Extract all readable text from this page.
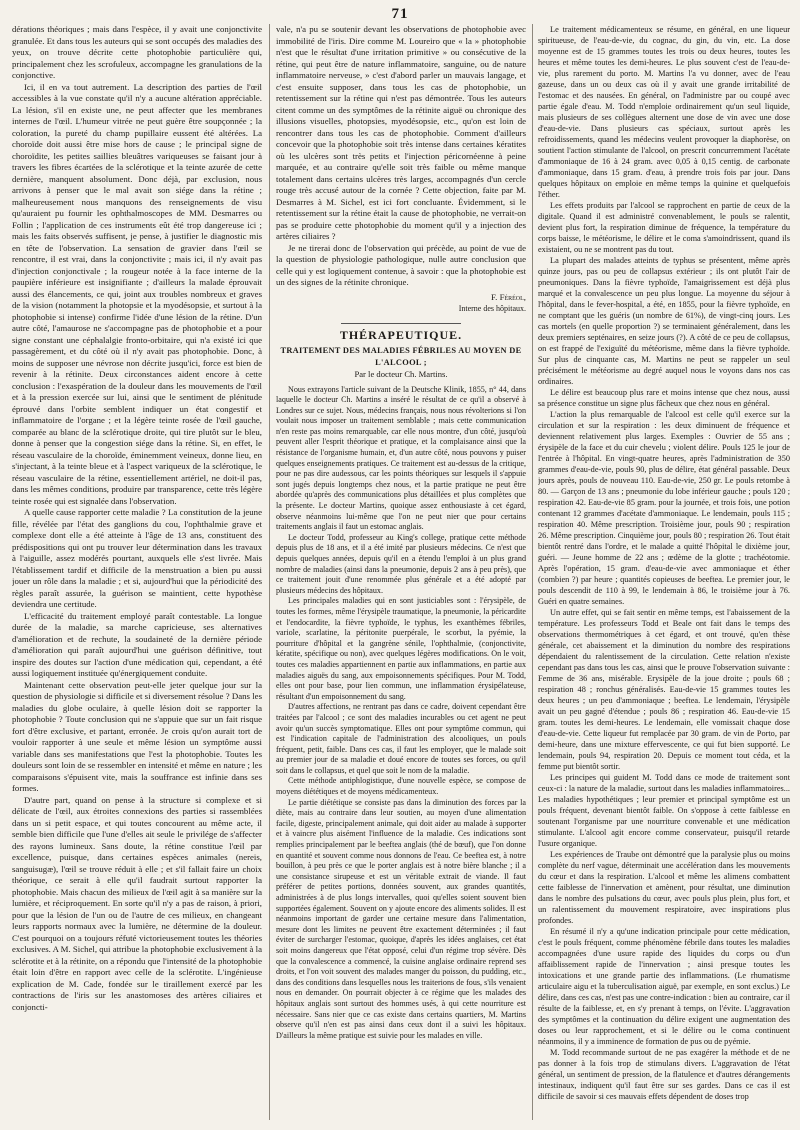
71

dérations théoriques ; mais dans l'espèce, il y avait une conjonctivite granulée. Et dans tous les auteurs qui se sont occupés des maladies des yeux, on trouve décrite cette photophobie particulière qui, principalement chez les scrofuleux, accompagne les granulations de la conjonctive.

Ici, il en va tout autrement. La description des parties de l'œil accessibles à la vue constate qu'il n'y a aucune altération appréciable. La lésion, s'il en existe une, ne peut affecter que les membranes internes de l'œil. L'humeur vitrée ne peut guère être soupçonnée ; la coloration, la pureté du champ pupillaire eussent été altérées. La choroïde doit aussi être mise hors de cause ; le principal signe de choroïdite, les petites saillies bleuâtres variqueuses se faisant jour à travers les fibres écartées de la sclérotique et la teinte azurée de cette dernière, manquent absolument. Donc déjà, par exclusion, nous arrivons à penser que le mal avait son siége dans la rétine ; malheureusement nous manquons des renseignements de visu qu'auraient pu fournir les ophthalmoscopes de MM. Desmarres ou Follin ; l'application de ces instruments eût été trop dangereuse ici ; mais les faits observés suffisent, je pense, à justifier le diagnostic mis en tête de l'observation. La sensation de gravier dans l'œil se rencontre, il est vrai, dans la conjonctivite ; mais ici, il n'y avait pas d'injection conjonctivale ; la rougeur notée à la face interne de la paupière inférieure est insignifiante ; d'ailleurs la malade éprouvait aussi des élancements, ce qui, joint aux troubles nombreux et graves de la vision (notamment la photopsie et la myodésopsie, et surtout à la photophobie si intense) confirme l'idée d'une lésion de la rétine. D'un autre côté, l'amaurose ne s'accompagne pas de photophobie et a pour signe constant une céphalalgie fronto-orbitaire, qui n'a existé ici que passagèrement, et du côté où il n'y avait pas photophobie. Donc, à moins de supposer une névrose non décrite jusqu'ici, force est bien de revenir à la rétinite. Deux circonstances aident encore à cette conclusion : l'exaspération de la douleur dans les mouvements de l'œil et à la pression exercée sur lui, ainsi que le sentiment de plénitude éprouvé dans l'orbite semblent indiquer un état congestif et inflammatoire de l'organe ; et la légère teinte rosée de l'œil gauche, comparée au blanc de la sclérotique droite, qui tire plutôt sur le bleu, donne à penser que la congestion siége dans la rétine. Si, en effet, le réseau vasculaire de la choroïde, éminemment veineux, donne lieu, en s'injectant, à la teinte bleue et à l'aspect variqueux de la sclérotique, le réseau vasculaire de la rétine, essentiellement artériel, ne doit-il pas, dans les mêmes conditions, produire par transparence, cette très légère teinte rosée qui est signalée dans l'observation.

A quelle cause rapporter cette maladie ? La constitution de la jeune fille, révélée par l'état des ganglions du cou, l'ophthalmie grave et complexe dont elle a été atteinte à l'âge de 13 ans, constituent des prédispositions qui ont pu trouver leur détermination dans les travaux à l'aiguille, assez modérés pourtant, auxquels elle s'est livrée. Mais l'établissement tardif et difficile de la menstruation a bien pu aussi jouer un rôle dans la maladie ; et si, aujourd'hui que la périodicité des règles paraît assurée, la guérison se maintient, cette hypothèse deviendra une certitude.

L'efficacité du traitement employé paraît contestable. La longue durée de la maladie, sa marche capricieuse, ses alternatives d'amélioration et de rechute, la soudaineté de la dernière période d'amélioration qui paraît aujourd'hui une guérison définitive, tout inspire des doutes sur l'action d'une médication qui, cependant, a été aussi logiquement instituée qu'énergiquement conduite.

Maintenant cette observation peut-elle jeter quelque jour sur la question de physiologie si difficile et si diversement résolue ? Dans les maladies du globe oculaire, à quelle lésion doit se rapporter la photophobie ? Toute conclusion qui ne s'appuie que sur un fait risque fort d'être exclusive, et partant, erronée. Je crois qu'on aurait tort de vouloir rapporter à une seule et même lésion un symptôme aussi variable dans ses manifestations que l'est la photophobie. Toutes les douleurs sont loin de se ressembler en intensité et même en nature ; les comparaisons s'épuisent vite, mais la souffrance est infinie dans ses formes.

D'autre part, quand on pense à la structure si complexe et si délicate de l'œil, aux étroites connexions des parties si rassemblées dans un si petit espace, et qui toutes concourent au même acte, il semble bien difficile que l'une d'elles ait seule le privilége de s'affecter des rayons lumineux. Sans doute, la rétine constitue l'œil par excellence, puisque, dans certaines espèces animales (nereis, sanguisugæ), l'œil se trouve réduit à elle ; et s'il fallait faire un choix théorique, ce serait à elle qu'il faudrait surtout rapporter la photophobie. Mais chacun des milieux de l'œil agit à sa manière sur la lumière, et réciproquement. En sorte qu'il n'y a pas de raison, à priori, pour que la lésion de l'un ou de l'autre de ces milieux, en changeant leurs rapports normaux avec la lumière, ne détermine de la douleur. C'est pourquoi on a toujours réfuté victorieusement toutes les théories exclusives. A M. Sichel, qui attribue la photophobie exclusivement à la sclérotite et à la rétinite, on a répondu que l'intensité de la photophobie était loin d'être en rapport avec celle de la sclérotite. L'ingénieuse explication de M. Cade, fondée sur le tiraillement exercé par les contractions de l'iris sur les anastomoses des artères ciliaires et conjoncti-

vale, n'a pu se soutenir devant les observations de photophobie avec immobilité de l'iris. Dire comme M. Loureiro que « la » photophobie n'est que le résultat d'une irritation primitive » ou consécutive de la rétine, qui peut être de nature inflammatoire, sanguine, ou de nature inflammatoire nerveuse, » c'est d'abord parler un mauvais langage, et c'est ensuite supposer, dans tous les cas de photophobie, un retentissement sur la rétine qui n'est pas démontrée. Tous les auteurs citent comme un des symptômes de la rétinite aiguë ou chronique des illusions visuelles, photopsies, myodésopsie, etc., qu'on est loin de rencontrer dans tous les cas de photophobie. Comment d'ailleurs concevoir que la photophobie soit très intense dans certaines kératites où les ulcères sont très petits et l'injection péricornéenne à peine marquée, et au contraire qu'elle soit très faible ou même manque totalement dans certains ulcères très larges, accompagnés d'un cercle rouge très accusé autour de la cornée ? Cette objection, faite par M. Desmarres à M. Sichel, est ici fort concluante. Évidemment, si le retentissement sur la rétine était la cause de photophobie, ne verrait-on pas se produire cette photophobie du moment qu'il y a injection des artères ciliaires ?

Je ne tirerai donc de l'observation qui précède, au point de vue de la question de physiologie pathologique, nulle autre conclusion que celle qui y est logiquement contenue, à savoir : que la photophobie est un des signes de la rétinite chronique.

F. Féréol,
Interne des hôpitaux.
THÉRAPEUTIQUE.
TRAITEMENT DES MALADIES FÉBRILES AU MOYEN DE L'ALCOOL ;
Par le docteur Ch. Martins.

Nous extrayons l'article suivant de la Deutsche Klinik, 1855, n° 44, dans laquelle le docteur Ch. Martins a inséré le résultat de ce qu'il a observé à Londres sur ce sujet. Nous, médecins français, nous nous révolterions si l'on voulait nous imposer un traitement semblable ; mais cette communication n'en reste pas moins remarquable, car elle nous montre, d'un côté, jusqu'où peuvent aller l'esprit théorique et pratique, et la complaisance ainsi que la résistance de l'organisme humain, et, d'un autre côté, nous pouvons y puiser quelques enseignements pratiques. Ce traitement est au-dessus de la critique, pour ne pas dire audessous, car les points théoriques sur lesquels il s'appuie sont jugés depuis longtemps chez nous, et la partie pratique ne peut être abordée qu'après des communications plus détaillées et plus complètes que la présente. Le docteur Martins, quoique assez enthousiaste à cet égard, observe néanmoins lui-même que l'on ne peut nier que pour certains traitements anglais il faut un estomac anglais.

Le docteur Todd, professeur au King's college, pratique cette méthode depuis plus de 18 ans, et il a été imité par plusieurs médecins. Ce n'est que depuis quelques années, depuis qu'il en a étendu l'emploi à un plus grand nombre de maladies (ainsi dans la pneumonie, depuis 2 ans à peu près), que ce traitement jouit d'une renommée plus générale et a été adopté par plusieurs médecins des hôpitaux.

Les principales maladies qui en sont justiciables sont : l'érysipèle, de toutes les formes, même l'érysipèle traumatique, la pneumonie, la péricardite et l'endocardite, la fièvre typhoïde, le typhus, les exanthèmes fébriles, variole, scarlatine, la péritonite puerpérale, le scorbut, la pyémie, la pourriture d'hôpital et la gangrène sénile, l'ophthalmie, (conjonctivite, kératite, spécifique ou non), avec quelques légères modifications. On le voit, toutes ces maladies appartiennent en partie aux inflammations, en partie aux maladies aiguës du sang, aux empoisonnements spécifiques. Pour M. Todd, elles ont pour base, pour lien commun, une inflammation érysipélateuse, résultant d'un empoisonnement du sang.

D'autres affections, ne rentrant pas dans ce cadre, doivent cependant être traitées par l'alcool ; ce sont des maladies incurables ou cet agent ne peut avoir qu'un succès symptomatique. Elles ont pour symptôme commun, qui est l'indication capitale de l'administration des alcooliques, un pouls fréquent, petit, faible. Dans ces cas, il faut les employer, que le malade soit au premier jour de sa maladie et doué encore de toutes ses forces, ou qu'il soit dans le collapsus, et quel que soit le nom de la maladie.

Cette méthode antiphlogistique, d'une nouvelle espèce, se compose de moyens diététiques et de moyens médicamenteux.

Le partie diététique se consiste pas dans la diminution des forces par la diète, mais au contraire dans leur soutien, au moyen d'une alimentation facile, digeste, principalement animale, qui doit aider au malade à supporter et à vaincre plus aisément l'influence de la maladie. Ces indications sont remplies principalement par le beeftea anglais (thé de bœuf), que l'on donne en quantité et souvent comme nous donnons de l'eau. Ce beeftea est, à notre bouillon, à peu près ce que le porter anglais est à notre bière blanche ; il a une consistance sirupeuse et est un véritable extrait de viande. Il faut préférer de petites portions, données souvent, aux grandes quantités, administrées à de plus longs intervalles, quoi qu'elles soient souvent bien supportées également. Souvent on y ajoute encore des aliments solides. Il est néanmoins important de garder une certaine mesure dans l'alimentation, mesure dont les limites ne peuvent être exactement déterminées ; il faut éviter de surcharger l'estomac, quoique, d'après les idées anglaises, cet état soit moins dangereux que l'état opposé, celui d'un régime trop sévère. Dès que la convalescence a commencé, la cuisine anglaise ordinaire reprend ses droits, et l'on voit souvent des malades manger du poisson, du pudding, etc., dans des conditions dans lesquelles nous les traiterions de fous, s'ils venaient nous en demander. On pourrait objecter à ce régime que les malades des hôpitaux anglais sont surtout des hommes usés, à qui cette nourriture est nécessaire. Sans nier que ce cas existe dans certains quartiers, M. Martins observe qu'il n'en est pas ainsi dans ceux dont il a suivi les hôpitaux. D'ailleurs la même pratique est suivie pour les malades en ville.

Le traitement médicamenteux se résume, en général, en une liqueur spiritueuse, de l'eau-de-vie, du cognac, du gin, du vin, etc. La dose moyenne est de 15 grammes toutes les trois ou deux heures, toutes les heures et même toutes les demi-heures. Le plus souvent c'est de l'eau-de-vie, plus rarement du porto. M. Martins l'a vu donner, avec de l'eau gazeuse, dans un ou deux cas où il y avait une grande irritabilité de l'estomac et des nausées. En général, on l'administre par ou coupé avec partie égale d'eau. M. Todd n'emploie ordinairement qu'un seul liquide, mais plusieurs de ses collègues alternent une dose de vin avec une dose d'eau-de-vie. Dans plusieurs cas spéciaux, surtout après les refroidissements, quand les médecins veulent provoquer la diaphorèse, on soutient l'action stimulante de l'alcool, on prescrit concurremment l'acétate d'ammoniaque de 16 à 24 gram. avec 0,05 à 0,15 centig. de carbonate d'ammoniaque, dans 15 gram. d'eau, à prendre trois fois par jour. Dans quelques hôpitaux on emploie en même temps la quinine et quelquefois l'éther.

Les effets produits par l'alcool se rapprochent en partie de ceux de la digitale. Quand il est administré convenablement, le pouls se ralentit, devient plus fort, la respiration diminue de fréquence, la température du corps baisse, le météorisme, le délire et le coma s'amoindrissent, quand ils existaient, ou ne se montrent pas du tout.

La plupart des malades atteints de typhus se présentent, même après quinze jours, pas ou peu de collapsus extérieur ; ils ont plutôt l'air de pneumoniques. Dans la fièvre typhoïde, l'amaigrissement est déjà plus marqué et la convalescence un peu plus longue. La moyenne du séjour à l'hôpital, dans le fever-hospital, a été, en 1855, pour la fièvre typhoïde, en ne comptant que les guéris (un nombre de 61%), de vingt-cinq jours. Les cas mortels (en quelle proportion ?) se terminaient généralement, dans les deux premiers septénaires, en seize jours (?). A côté de ce peu de collapsus, on est frappé de l'exiguïté du météorisme, même dans la fièvre typhoïde. Sur plus de cinquante cas, M. Martins ne peut se rappeler un seul précisément le météorisme au degré auquel nous le voyons dans nos cas ordinaires.

Le délire est beaucoup plus rare et moins intense que chez nous, aussi sa présence constitue un signe plus fâcheux que chez nous en général.

L'action la plus remarquable de l'alcool est celle qu'il exerce sur la circulation et sur la respiration : les deux diminuent de fréquence et deviennent relativement plus larges. Exemples : Ouvrier de 55 ans ; érysipèle de la face et du cuir chevelu ; violent délire. Pouls 125 le jour de l'entrée à l'hôpital. En vingt-quatre heures, après l'administration de 350 grammes d'eau-de-vie, pouls 90, plus de délire, état général passable. Deux jours après, pouls de nouveau 110. Eau-de-vie, 250 gr. Le pouls retombe à 80. — Garçon de 13 ans ; pneumonie du lobe inférieur gauche ; pouls 120 ; respiration 42. Eau-de-vie 85 gram. pour la journée, et trois fois, une potion contenant 12 grammes d'acétate d'ammoniaque. Le lendemain, pouls 115 ; respiration 40. Même prescription. Troisième jour, pouls 90 ; respiration 26. Même prescription. Cinquième jour, pouls 80 ; respiration 26. Tout était bientôt rentré dans l'ordre, et le malade a quitté l'hôpital le dixième jour, guéri. — Jeune homme de 22 ans ; œdème de la glotte ; trachéotomie. Après l'opération, 15 gram. d'eau-de-vie avec ammoniaque et éther (combien ?) par heure ; quantités copieuses de beeftea. Le premier jour, le pouls descendit de 110 à 99, le lendemain à 86, le troisième jour à 76. Guéri en quatre semaines.

Un autre effet, qui se fait sentir en même temps, est l'abaissement de la température. Les professeurs Todd et Beale ont fait dans le temps des observations thermométriques à cet égard, et ont trouvé, qu'en thèse générale, cet abaissement et la diminution du nombre des respirations dépendaient du ralentissement de la circulation. Cette relation n'existe cependant pas dans tous les cas, ainsi que le prouve l'observation suivante : Femme de 36 ans, misérable. Erysipèle de la joue droite ; pouls 68 ; respiration 48 ; ronchus généralisés. Eau-de-vie 15 grammes toutes les deux heures ; un peu d'ammoniaque ; beeftea. Le lendemain, l'érysipèle avait un peu gagné d'étendue ; pouls 86 ; respiration 46. Eau-de-vie 15 gram. toutes les demi-heures. Le lendemain, elle vomissait chaque dose d'eau-de-vie. Cette liqueur fut remplacée par 30 gram. de vin de Porto, par demi-heure, dans une mixture effervescente, ce qui fut bien supporté. Le lendemain, pouls 94, respiration 20. Depuis ce moment tout céda, et la femme put bientôt sortir.

Les principes qui guident M. Todd dans ce mode de traitement sont ceux-ci : la nature de la maladie, surtout dans les maladies inflammatoires... Les maladies hypothétiques ; leur premier et principal symptôme est un pouls fréquent, devenant bientôt faible. On s'oppose à cette faiblesse en soutenant l'organisme par une nourriture convenable et une médication stimulante. L'alcool agit encore comme conservateur, puisqu'il retarde l'usure organique.

Les expériences de Traube ont démontré que la paralysie plus ou moins complète du nerf vague, déterminait une accélération dans les mouvements du cœur et dans la respiration. L'alcool et même les alimens combattent cette faiblesse de l'innervation et amènent, pour résultat, une diminution dans le nombre des pulsations du cœur, avec pouls plus plein, plus fort, et un ralentissement du mouvement respiratoire, avec inspirations plus profondes.

En résumé il n'y a qu'une indication principale pour cette médication, c'est le pouls fréquent, comme phénomène fébrile dans toutes les maladies accompagnées d'une usure rapide des liquides du corps ou d'un affaiblissement rapide de l'innervation ; ainsi presque toutes les intoxications et une grande partie des inflammations. (Le rhumatisme articulaire aigu et la tuberculisation aiguë, par exemple, en sont exclus.) Le délire, dans ces cas, n'est pas une contre-indication : bien au contraire, car il résulte de la faiblesse, et, en s'y prenant à temps, on l'évite. L'aggravation des symptômes et la continuation du délire exigent une augmentation des doses ou leur rapprochement, et si le délire ou le coma continuent néanmoins, il y a imminence de formation de pus ou de pyémie.

M. Todd recommande surtout de ne pas exagérer la méthode et de ne pas donner à la fois trop de stimulans divers. L'aggravation de l'état général, un sentiment de pression, de la flatulence et d'autres dérangements intestinaux, indiquent qu'il faut être sur ses gardes. Dans ce cas il est difficile de savoir si ces mauvais effets dépendent de doses trop
